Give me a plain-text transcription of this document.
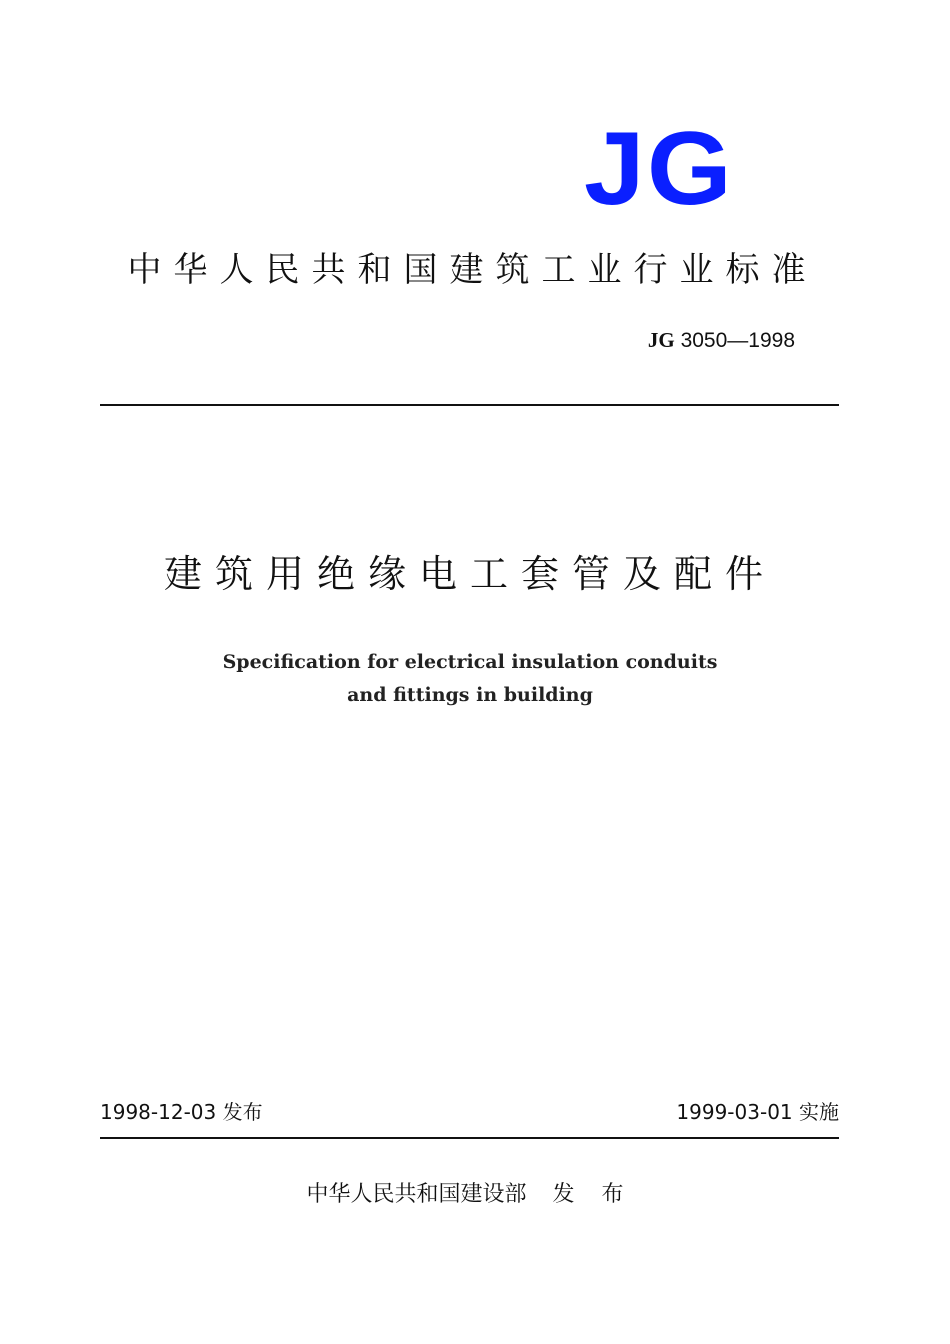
JG
中华人民共和国建筑工业行业标准
JG 3050—1998
建筑用绝缘电工套管及配件
Specification for electrical insulation conduits
and fittings in building
1998-12-03 发布	1999-03-01 实施
中华人民共和国建设部 发 布
